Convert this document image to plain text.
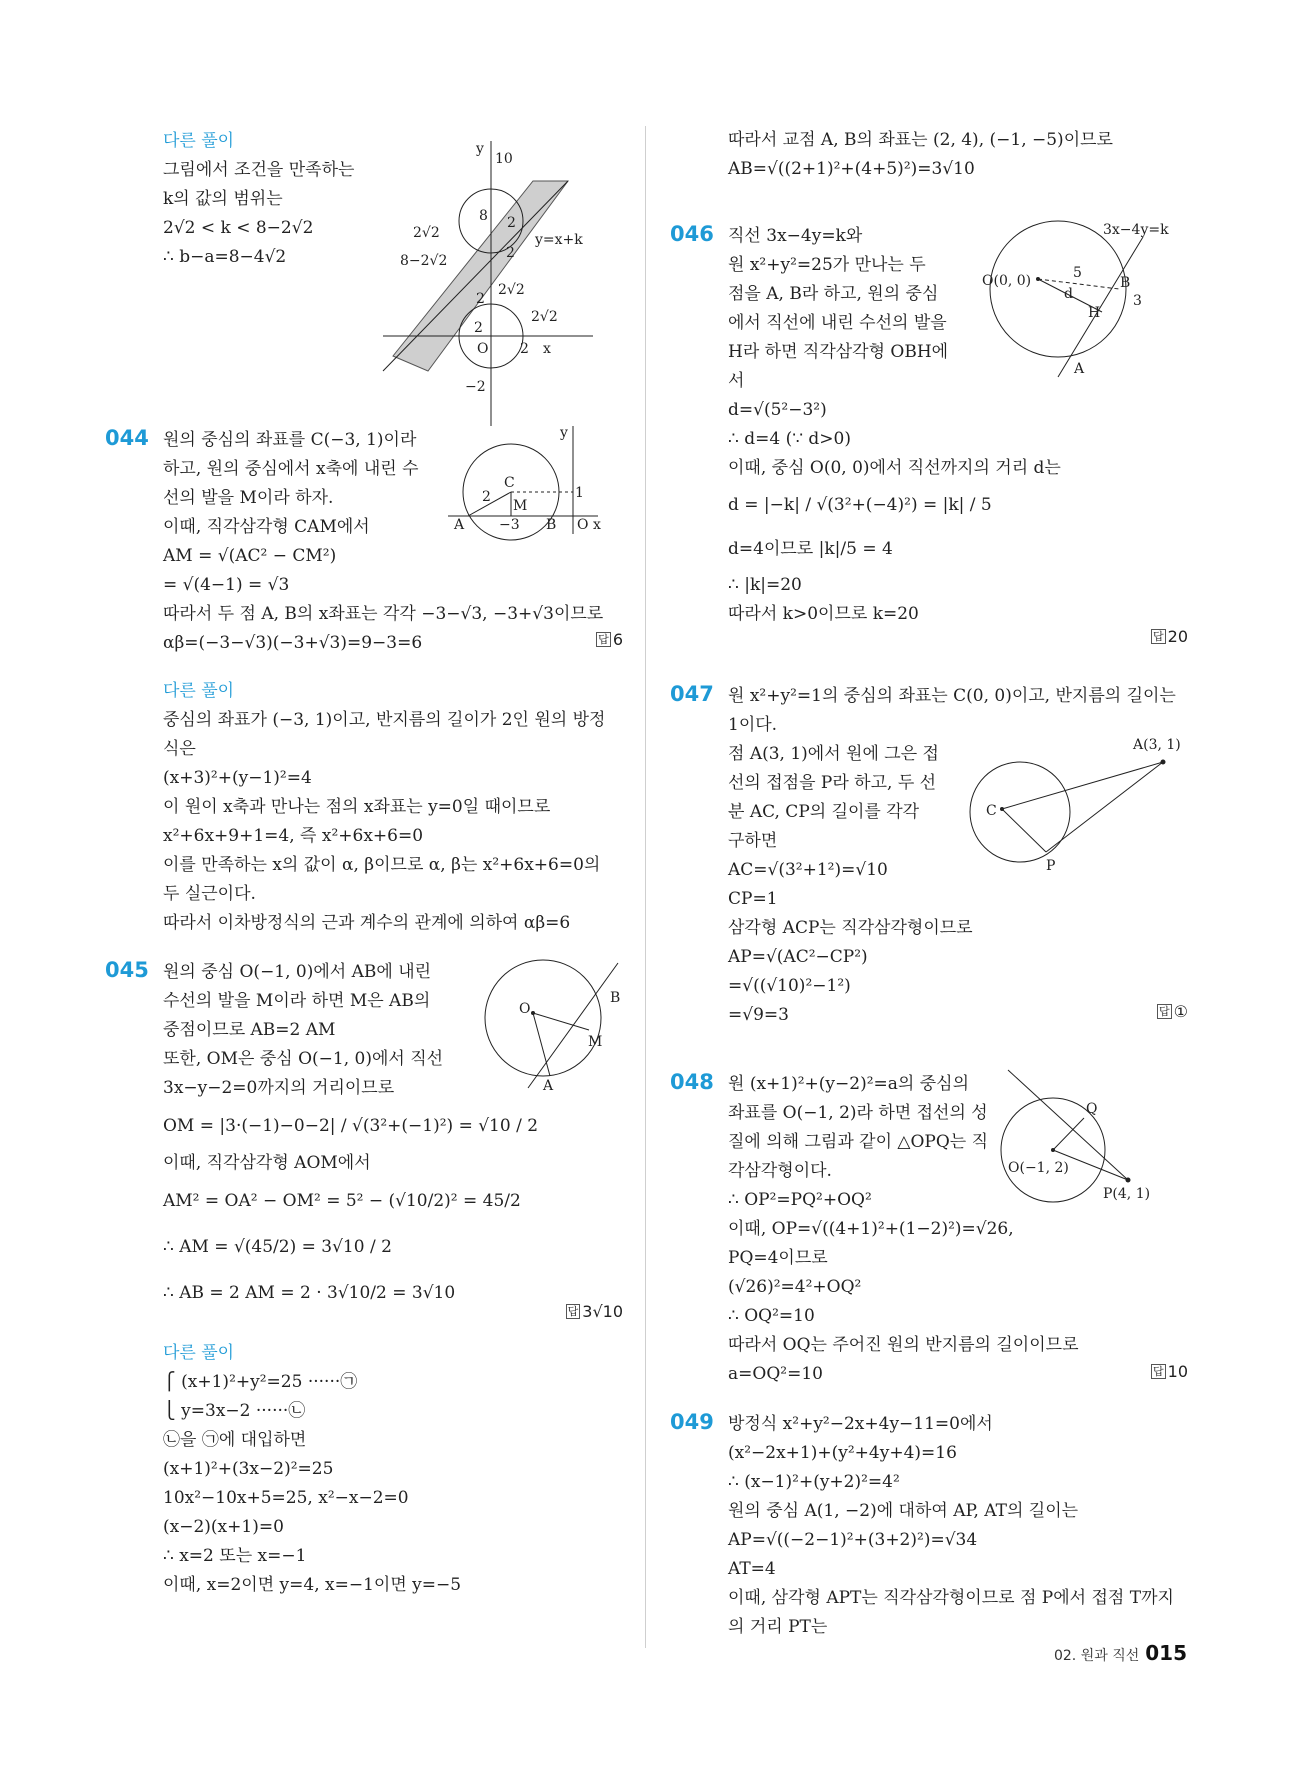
다른 풀이
그림에서 조건을 만족하는
k의 값의 범위는
2√2 < k < 8−2√2
∴ b−a=8−4√2
y
10
8 2
2√2
8−2√2	2
2
2√2
2√2
2
O 2 x
−2
y=x+k
044 원의 중심의 좌표를 C(−3, 1)이라
하고, 원의 중심에서 x축에 내린 수
선의 발을 M이라 하자.
이때, 직각삼각형 CAM에서
AM = √(AC² − CM²)
= √(4−1) = √3
따라서 두 점 A, B의 x좌표는 각각 −3−√3, −3+√3이므로
αβ=(−3−√3)(−3+√3)=9−3=6	답 6
y
C
2
M
1
A −3 B O x
다른 풀이
중심의 좌표가 (−3, 1)이고, 반지름의 길이가 2인 원의 방정
식은
(x+3)²+(y−1)²=4
이 원이 x축과 만나는 점의 x좌표는 y=0일 때이므로
x²+6x+9+1=4, 즉 x²+6x+6=0
이를 만족하는 x의 값이 α, β이므로 α, β는 x²+6x+6=0의
두 실근이다.
따라서 이차방정식의 근과 계수의 관계에 의하여 αβ=6
045 원의 중심 O(−1, 0)에서 AB에 내린
수선의 발을 M이라 하면 M은 AB의
중점이므로 AB=2 AM
또한, OM은 중심 O(−1, 0)에서 직선
3x−y−2=0까지의 거리이므로
OM = |3·(−1)−0−2| / √(3²+(−1)²) = √10 / 2
이때, 직각삼각형 AOM에서
AM² = OA² − OM² = 5² − (√10/2)² = 45/2
∴ AM = √(45/2) = 3√10 / 2
∴ AB = 2 AM = 2 · 3√10/2 = 3√10
답 3√10
O
B
M
A
다른 풀이
⎧ (x+1)²+y²=25 ······㉠
⎩ y=3x−2 ······㉡
㉡을 ㉠에 대입하면
(x+1)²+(3x−2)²=25
10x²−10x+5=25, x²−x−2=0
(x−2)(x+1)=0
∴ x=2 또는 x=−1
이때, x=2이면 y=4, x=−1이면 y=−5
따라서 교점 A, B의 좌표는 (2, 4), (−1, −5)이므로
AB=√((2+1)²+(4+5)²)=3√10
046 직선 3x−4y=k와
원 x²+y²=25가 만나는 두
점을 A, B라 하고, 원의 중심
에서 직선에 내린 수선의 발을
H라 하면 직각삼각형 OBH에
서
d=√(5²−3²)
∴ d=4 (∵ d>0)
이때, 중심 O(0, 0)에서 직선까지의 거리 d는
d = |−k| / √(3²+(−4)²) = |k| / 5
d=4이므로 |k|/5 = 4
∴ |k|=20
따라서 k>0이므로 k=20
답 20
3x−4y=k
O(0, 0)	5
d
B
3
H
A
047 원 x²+y²=1의 중심의 좌표는 C(0, 0)이고, 반지름의 길이는
1이다.
점 A(3, 1)에서 원에 그은 접
선의 접점을 P라 하고, 두 선
분 AC, CP의 길이를 각각
구하면
AC=√(3²+1²)=√10
CP=1
삼각형 ACP는 직각삼각형이므로
AP=√(AC²−CP²)
=√((√10)²−1²)
=√9=3	답 ①
A(3, 1)
C
P
048 원 (x+1)²+(y−2)²=a의 중심의
좌표를 O(−1, 2)라 하면 접선의 성
질에 의해 그림과 같이 △OPQ는 직
각삼각형이다.
∴ OP²=PQ²+OQ²
이때, OP=√((4+1)²+(1−2)²)=√26,
PQ=4이므로
(√26)²=4²+OQ²
∴ OQ²=10
따라서 OQ는 주어진 원의 반지름의 길이이므로
a=OQ²=10	답 10
Q
O(−1, 2)
P(4, 1)
049 방정식 x²+y²−2x+4y−11=0에서
(x²−2x+1)+(y²+4y+4)=16
∴ (x−1)²+(y+2)²=4²
원의 중심 A(1, −2)에 대하여 AP, AT의 길이는
AP=√((−2−1)²+(3+2)²)=√34
AT=4
이때, 삼각형 APT는 직각삼각형이므로 점 P에서 접점 T까지
의 거리 PT는
02. 원과 직선 015
